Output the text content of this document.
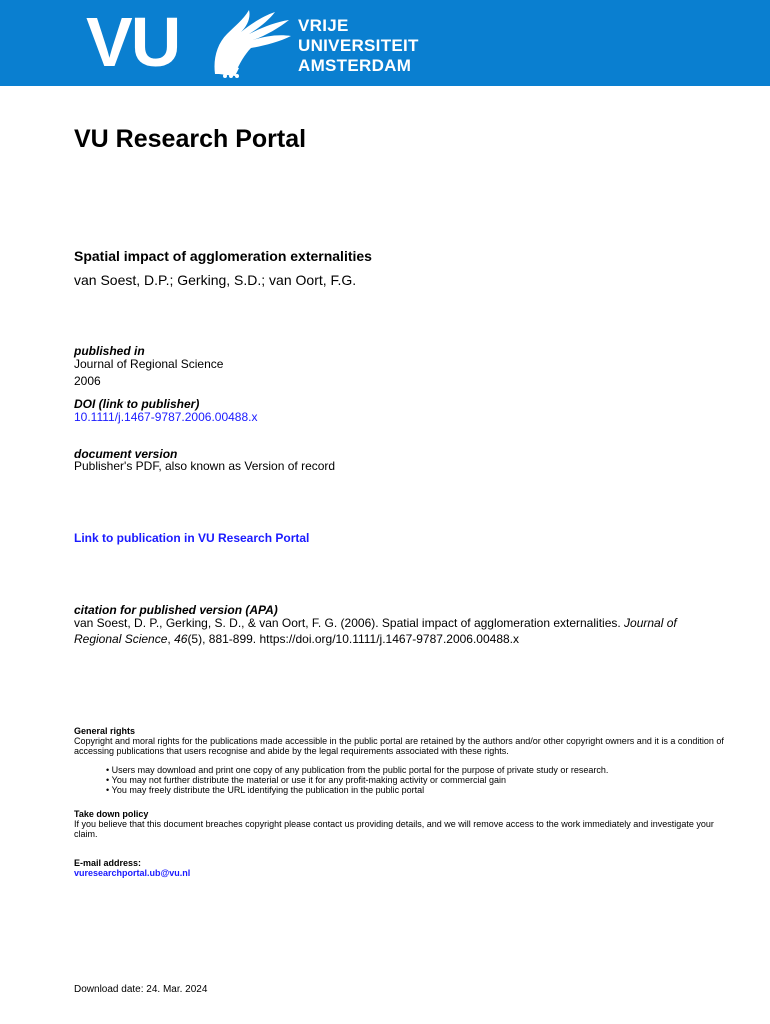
VU	VRIJE
UNIVERSITEIT
AMSTERDAM
VU Research Portal
Spatial impact of agglomeration externalities
van Soest, D.P.; Gerking, S.D.; van Oort, F.G.
published in
Journal of Regional Science
2006
DOI (link to publisher)
10.1111/j.1467-9787.2006.00488.x
document version
Publisher's PDF, also known as Version of record
Link to publication in VU Research Portal
citation for published version (APA)
van Soest, D. P., Gerking, S. D., & van Oort, F. G. (2006). Spatial impact of agglomeration externalities. Journal of Regional Science, 46(5), 881-899. https://doi.org/10.1111/j.1467-9787.2006.00488.x
General rights
Copyright and moral rights for the publications made accessible in the public portal are retained by the authors and/or other copyright owners and it is a condition of accessing publications that users recognise and abide by the legal requirements associated with these rights.
• Users may download and print one copy of any publication from the public portal for the purpose of private study or research.
• You may not further distribute the material or use it for any profit-making activity or commercial gain
• You may freely distribute the URL identifying the publication in the public portal
Take down policy
If you believe that this document breaches copyright please contact us providing details, and we will remove access to the work immediately and investigate your claim.
E-mail address:
vuresearchportal.ub@vu.nl
Download date: 24. Mar. 2024
